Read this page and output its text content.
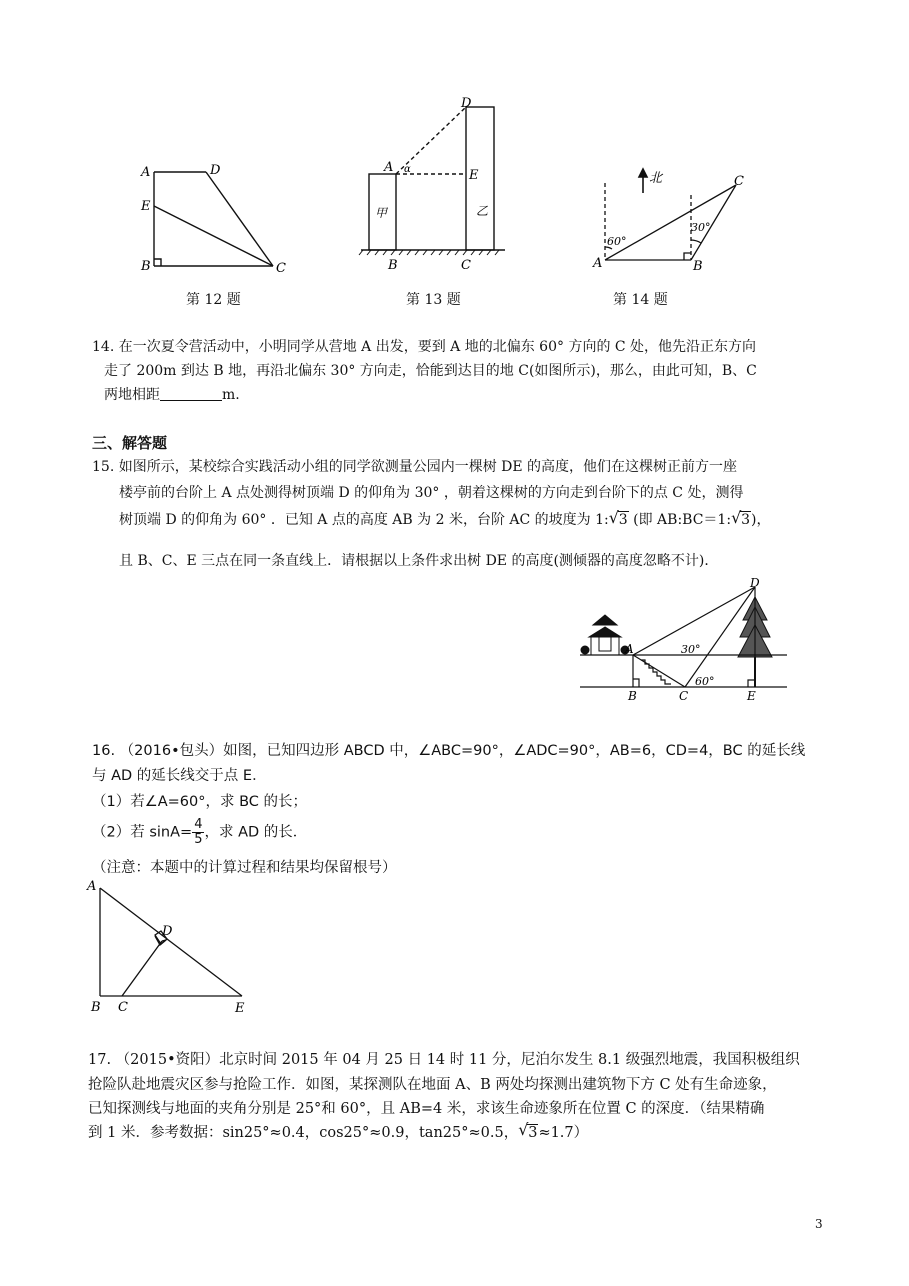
A	D
E
B	C
第 12 题
D
A α	E
甲	乙
B	C
第 13 题
北	C
30°
60°
A	B
第 14 题
14. 在一次夏令营活动中，小明同学从营地 A 出发，要到 A 地的北偏东 60° 方向的 C 处，他先沿正东方向
走了 200m 到达 B 地，再沿北偏东 30° 方向走，恰能到达目的地 C(如图所示)，那么，由此可知，B、C
两地相距	m.
三、解答题
15. 如图所示，某校综合实践活动小组的同学欲测量公园内一棵树 DE 的高度，他们在这棵树正前方一座
楼亭前的台阶上 A 点处测得树顶端 D 的仰角为 30° ，朝着这棵树的方向走到台阶下的点 C 处，测得
树顶端 D 的仰角为 60° ．已知 A 点的高度 AB 为 2 米，台阶 AC 的坡度为 1: √ 3 (即 AB:BC＝1: √ 3)，
且 B、C、E 三点在同一条直线上．请根据以上条件求出树 DE 的高度(测倾器的高度忽略不计)．
D
A	30°
60°
B	C	E
16. （2016•包头）如图，已知四边形 ABCD 中，∠ABC=90°，∠ADC=90°，AB=6，CD=4，BC 的延长线
与 AD 的延长线交于点 E．
（1）若∠A=60°，求 BC 的长；
（2）若 $\sin A= \frac{4}{5}$ ，求 AD 的长．
（注意：本题中的计算过程和结果均保留根号）
A
D
B C	E
17. （2015•资阳）北京时间 2015 年 04 月 25 日 14 时 11 分，尼泊尔发生 8.1 级强烈地震，我国积极组织
抢险队赴地震灾区参与抢险工作．如图，某探测队在地面 A、B 两处均探测出建筑物下方 C 处有生命迹象，
已知探测线与地面的夹角分别是 25°和 60°，且 AB=4 米，求该生命迹象所在位置 C 的深度．（结果精确
到 1 米．参考数据：sin25°≈0.4，cos25°≈0.9，tan25°≈0.5， √ 3≈1.7）
3
